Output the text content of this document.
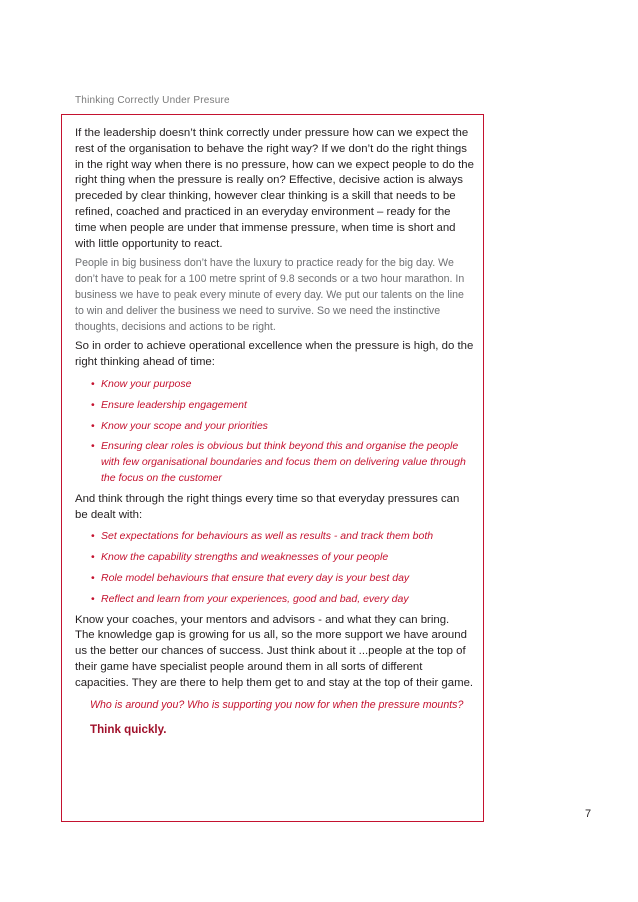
Thinking Correctly Under Presure

If the leadership doesn’t think correctly under pressure how can we expect the rest of the organisation to behave the right way? If we don’t do the right things in the right way when there is no pressure, how can we expect people to do the right thing when the pressure is really on? Effective, decisive action is always preceded by clear thinking, however clear thinking is a skill that needs to be refined, coached and practiced in an everyday environment – ready for the time when people are under that immense pressure, when time is short and with little opportunity to react.

People in big business don’t have the luxury to practice ready for the big day. We don’t have to peak for a 100 metre sprint of 9.8 seconds or a two hour marathon. In business we have to peak every minute of every day. We put our talents on the line to win and deliver the business we need to survive. So we need the instinctive thoughts, decisions and actions to be right.

So in order to achieve operational excellence when the pressure is high, do the right thinking ahead of time:

• Know your purpose
• Ensure leadership engagement
• Know your scope and your priorities
• Ensuring clear roles is obvious but think beyond this and organise the people with few organisational boundaries and focus them on delivering value through the focus on the customer

And think through the right things every time so that everyday pressures can be dealt with:

• Set expectations for behaviours as well as results - and track them both
• Know the capability strengths and weaknesses of your people
• Role model behaviours that ensure that every day is your best day
• Reflect and learn from your experiences, good and bad, every day

Know your coaches, your mentors and advisors - and what they can bring.

The knowledge gap is growing for us all, so the more support we have around us the better our chances of success. Just think about it ...people at the top of their game have specialist people around them in all sorts of different capacities. They are there to help them get to and stay at the top of their game.

Who is around you? Who is supporting you now for when the pressure mounts?

Think quickly.

7
